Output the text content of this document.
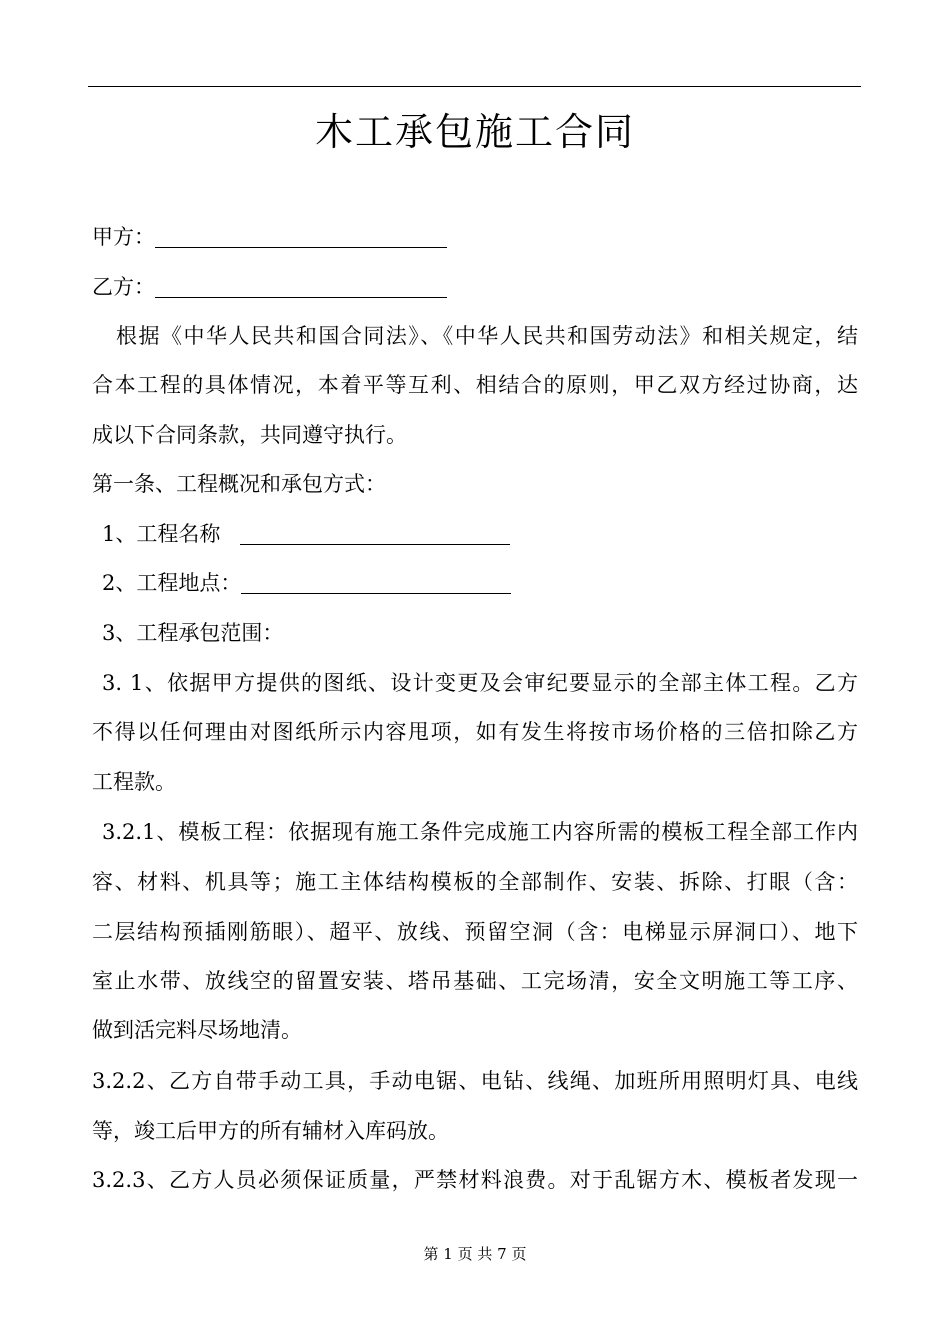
木工承包施工合同
甲方：
乙方：
根据《中华人民共和国合同法》、《中华人民共和国劳动法》和相关规定，结
合本工程的具体情况，本着平等互利、相结合的原则，甲乙双方经过协商，达
成以下合同条款，共同遵守执行。
第一条、工程概况和承包方式：
1、工程名称
2、工程地点：
3、工程承包范围：
3. 1、依据甲方提供的图纸、设计变更及会审纪要显示的全部主体工程。乙方
不得以任何理由对图纸所示内容甩项，如有发生将按市场价格的三倍扣除乙方
工程款。
3.2.1、模板工程：依据现有施工条件完成施工内容所需的模板工程全部工作内
容、材料、机具等；施工主体结构模板的全部制作、安装、拆除、打眼（含：
二层结构预插刚筋眼）、超平、放线、预留空洞（含：电梯显示屏洞口）、地下
室止水带、放线空的留置安装、塔吊基础、工完场清，安全文明施工等工序、
做到活完料尽场地清。
3.2.2、乙方自带手动工具，手动电锯、电钻、线绳、加班所用照明灯具、电线
等，竣工后甲方的所有辅材入库码放。
3.2.3、乙方人员必须保证质量，严禁材料浪费。对于乱锯方木、模板者发现一
第 1 页 共 7 页
